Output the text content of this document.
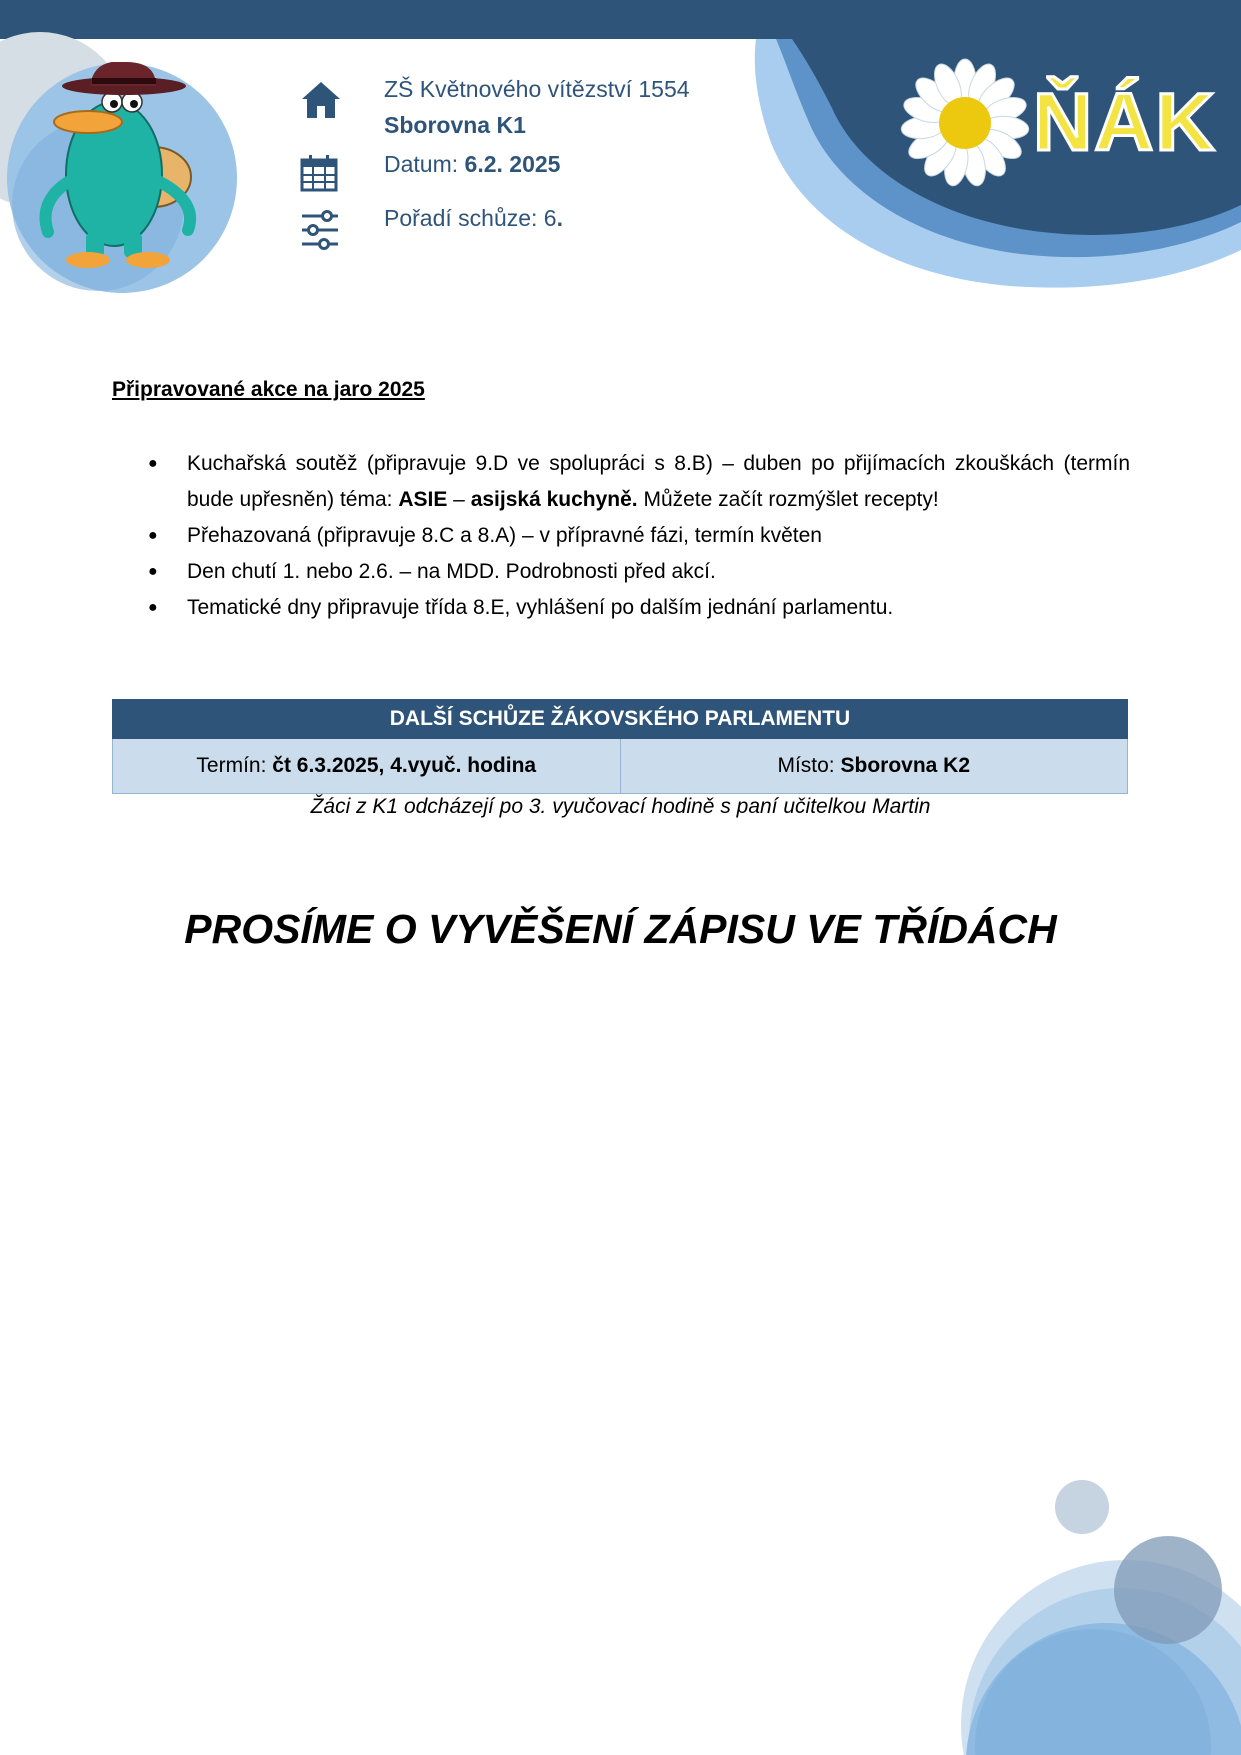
ZŠ Květnového vítězství 1554
Sborovna K1
Datum: 6.2. 2025
Pořadí schůze: 6.
ŇÁK
Připravované akce na jaro 2025
● Kuchařská soutěž (připravuje 9.D ve spolupráci s 8.B) – duben po přijímacích zkouškách (termín bude upřesněn) téma: ASIE – asijská kuchyně. Můžete začít rozmýšlet recepty!
● Přehazovaná (připravuje 8.C a 8.A) – v přípravné fázi, termín květen
● Den chutí 1. nebo 2.6. – na MDD. Podrobnosti před akcí.
● Tematické dny připravuje třída 8.E, vyhlášení po dalším jednání parlamentu.
DALŠÍ SCHŮZE ŽÁKOVSKÉHO PARLAMENTU
Termín: čt 6.3.2025, 4.vyuč. hodina	Místo: Sborovna K2
Žáci z K1 odcházejí po 3. vyučovací hodině s paní učitelkou Martin
PROSÍME O VYVĚŠENÍ ZÁPISU VE TŘÍDÁCH
